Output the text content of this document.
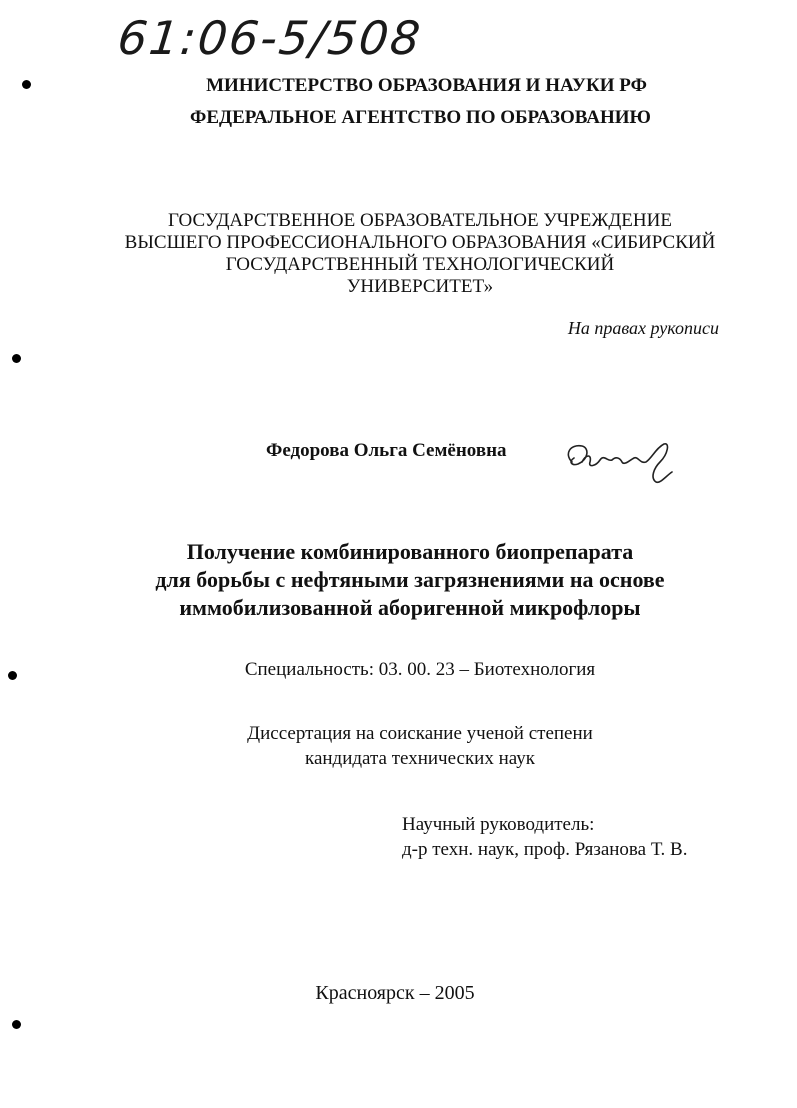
61:06-5/508
МИНИСТЕРСТВО ОБРАЗОВАНИЯ И НАУКИ РФ
ФЕДЕРАЛЬНОЕ АГЕНТСТВО ПО ОБРАЗОВАНИЮ
ГОСУДАРСТВЕННОЕ ОБРАЗОВАТЕЛЬНОЕ УЧРЕЖДЕНИЕ
ВЫСШЕГО ПРОФЕССИОНАЛЬНОГО ОБРАЗОВАНИЯ «СИБИРСКИЙ
ГОСУДАРСТВЕННЫЙ ТЕХНОЛОГИЧЕСКИЙ
УНИВЕРСИТЕТ»
На правах рукописи
Федорова Ольга Семёновна
Получение комбинированного биопрепарата
для борьбы с нефтяными загрязнениями на основе
иммобилизованной аборигенной микрофлоры
Специальность: 03. 00. 23 – Биотехнология
Диссертация на соискание ученой степени
кандидата технических наук
Научный руководитель:
д-р техн. наук, проф. Рязанова Т. В.
Красноярск – 2005
